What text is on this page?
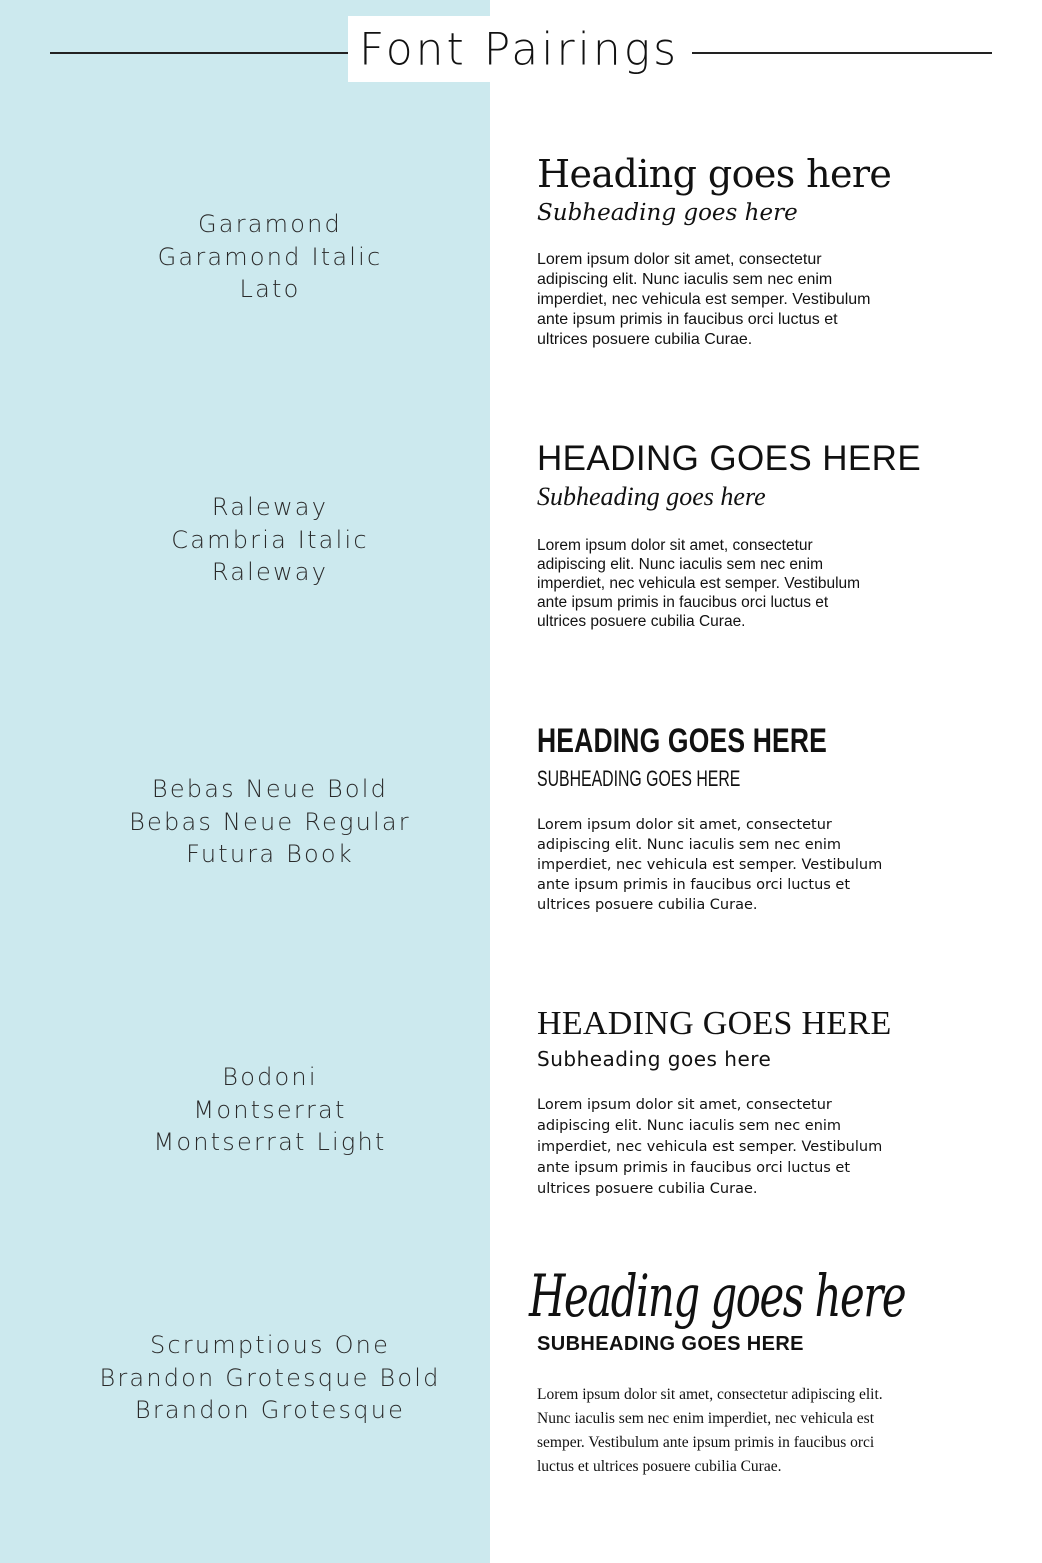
Font Pairings
Garamond
Garamond Italic
Lato
Heading goes here
Subheading goes here
Lorem ipsum dolor sit amet, consectetur
adipiscing elit. Nunc iaculis sem nec enim
imperdiet, nec vehicula est semper. Vestibulum
ante ipsum primis in faucibus orci luctus et
ultrices posuere cubilia Curae.
Raleway
Cambria Italic
Raleway
HEADING GOES HERE
Subheading goes here
Lorem ipsum dolor sit amet, consectetur
adipiscing elit. Nunc iaculis sem nec enim
imperdiet, nec vehicula est semper. Vestibulum
ante ipsum primis in faucibus orci luctus et
ultrices posuere cubilia Curae.
Bebas Neue Bold
Bebas Neue Regular
Futura Book
HEADING GOES HERE
SUBHEADING GOES HERE
Lorem ipsum dolor sit amet, consectetur
adipiscing elit. Nunc iaculis sem nec enim
imperdiet, nec vehicula est semper. Vestibulum
ante ipsum primis in faucibus orci luctus et
ultrices posuere cubilia Curae.
Bodoni
Montserrat
Montserrat Light
HEADING GOES HERE
Subheading goes here
Lorem ipsum dolor sit amet, consectetur
adipiscing elit. Nunc iaculis sem nec enim
imperdiet, nec vehicula est semper. Vestibulum
ante ipsum primis in faucibus orci luctus et
ultrices posuere cubilia Curae.
Scrumptious One
Brandon Grotesque Bold
Brandon Grotesque
Heading goes here
SUBHEADING GOES HERE
Lorem ipsum dolor sit amet, consectetur adipiscing elit.
Nunc iaculis sem nec enim imperdiet, nec vehicula est
semper. Vestibulum ante ipsum primis in faucibus orci
luctus et ultrices posuere cubilia Curae.
